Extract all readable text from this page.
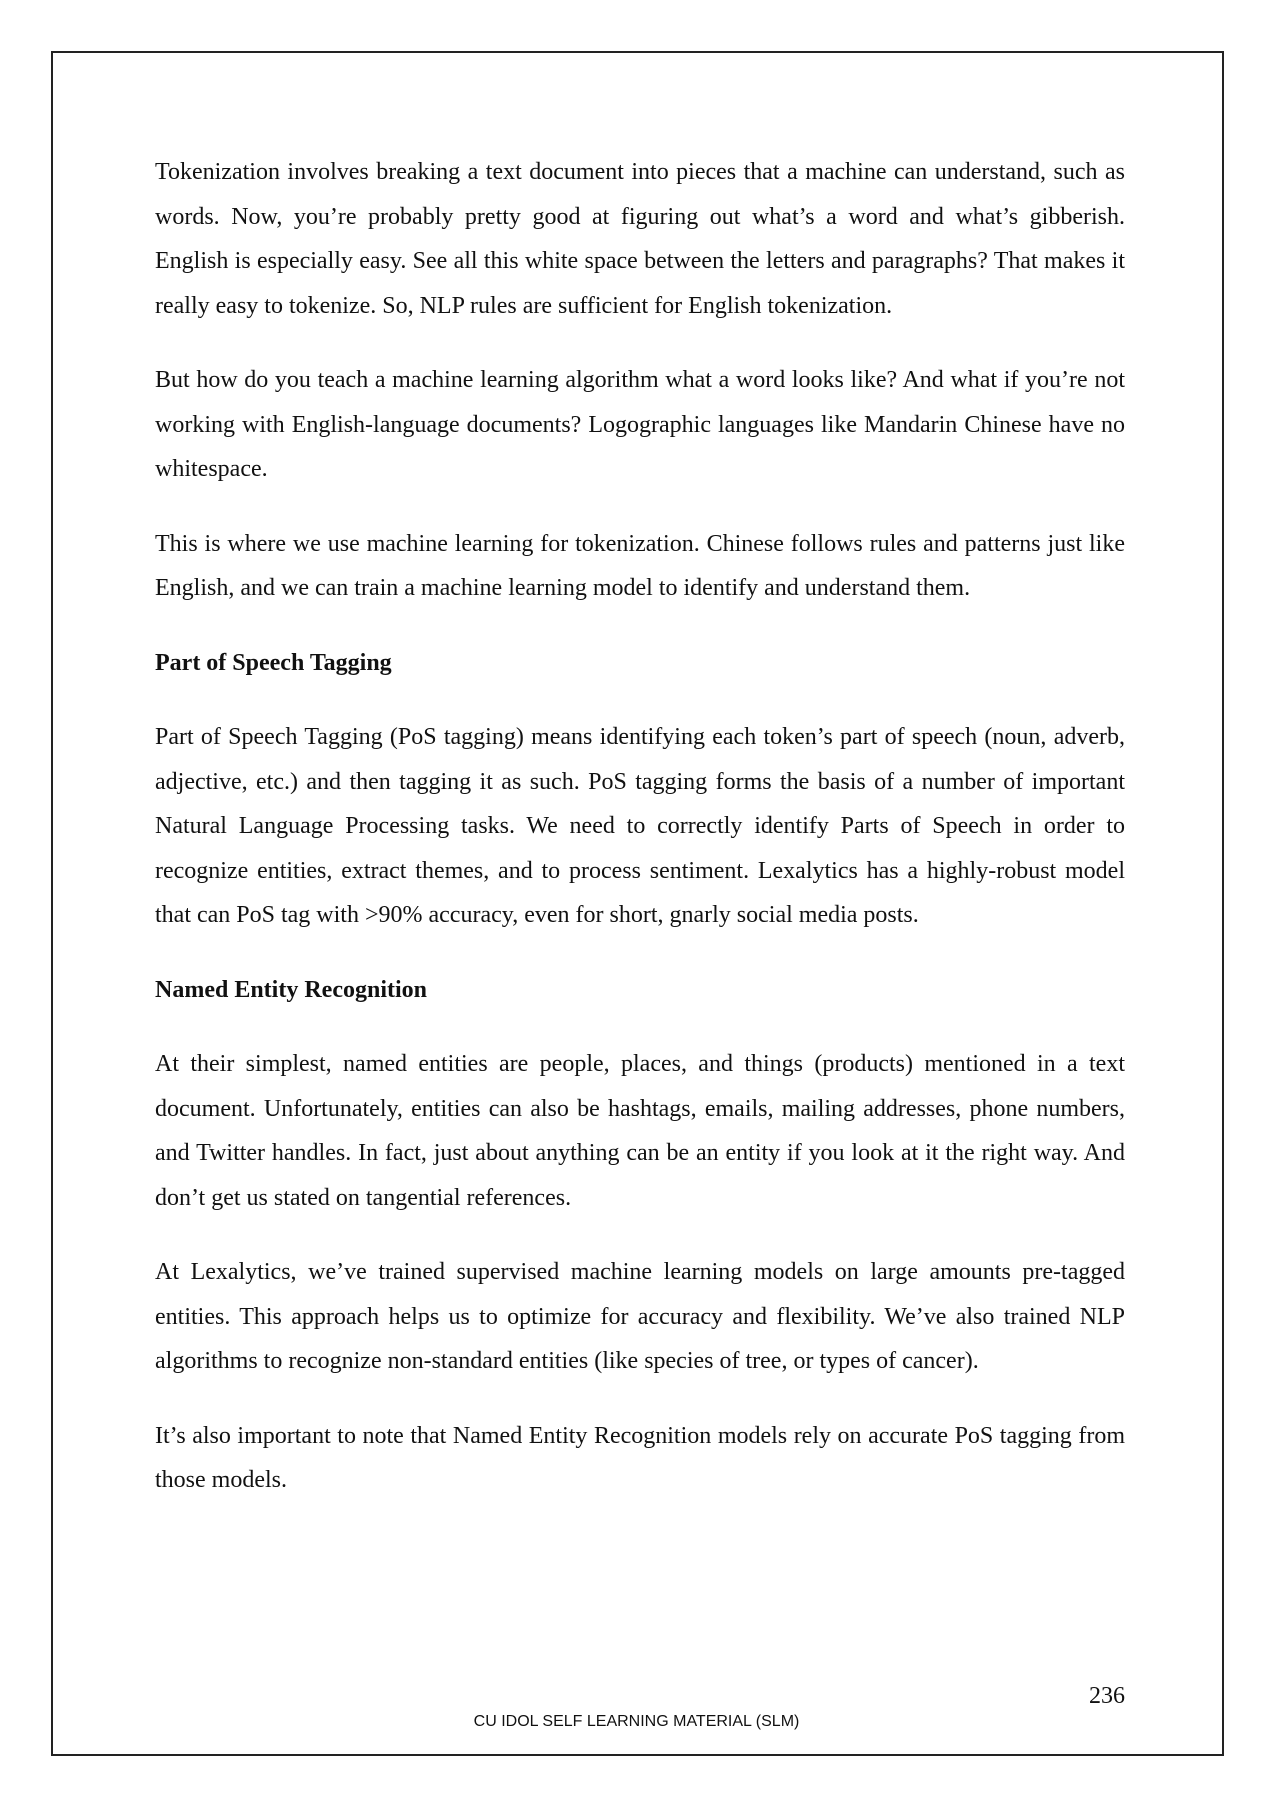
Tokenization involves breaking a text document into pieces that a machine can understand, such as words. Now, you’re probably pretty good at figuring out what’s a word and what’s gibberish. English is especially easy. See all this white space between the letters and paragraphs? That makes it really easy to tokenize. So, NLP rules are sufficient for English tokenization.

But how do you teach a machine learning algorithm what a word looks like? And what if you’re not working with English-language documents? Logographic languages like Mandarin Chinese have no whitespace.

This is where we use machine learning for tokenization. Chinese follows rules and patterns just like English, and we can train a machine learning model to identify and understand them.

Part of Speech Tagging

Part of Speech Tagging (PoS tagging) means identifying each token’s part of speech (noun, adverb, adjective, etc.) and then tagging it as such. PoS tagging forms the basis of a number of important Natural Language Processing tasks. We need to correctly identify Parts of Speech in order to recognize entities, extract themes, and to process sentiment. Lexalytics has a highly-robust model that can PoS tag with >90% accuracy, even for short, gnarly social media posts.

Named Entity Recognition

At their simplest, named entities are people, places, and things (products) mentioned in a text document. Unfortunately, entities can also be hashtags, emails, mailing addresses, phone numbers, and Twitter handles. In fact, just about anything can be an entity if you look at it the right way. And don’t get us stated on tangential references.

At Lexalytics, we’ve trained supervised machine learning models on large amounts pre-tagged entities. This approach helps us to optimize for accuracy and flexibility. We’ve also trained NLP algorithms to recognize non-standard entities (like species of tree, or types of cancer).

It’s also important to note that Named Entity Recognition models rely on accurate PoS tagging from those models.

236
CU IDOL SELF LEARNING MATERIAL (SLM)
